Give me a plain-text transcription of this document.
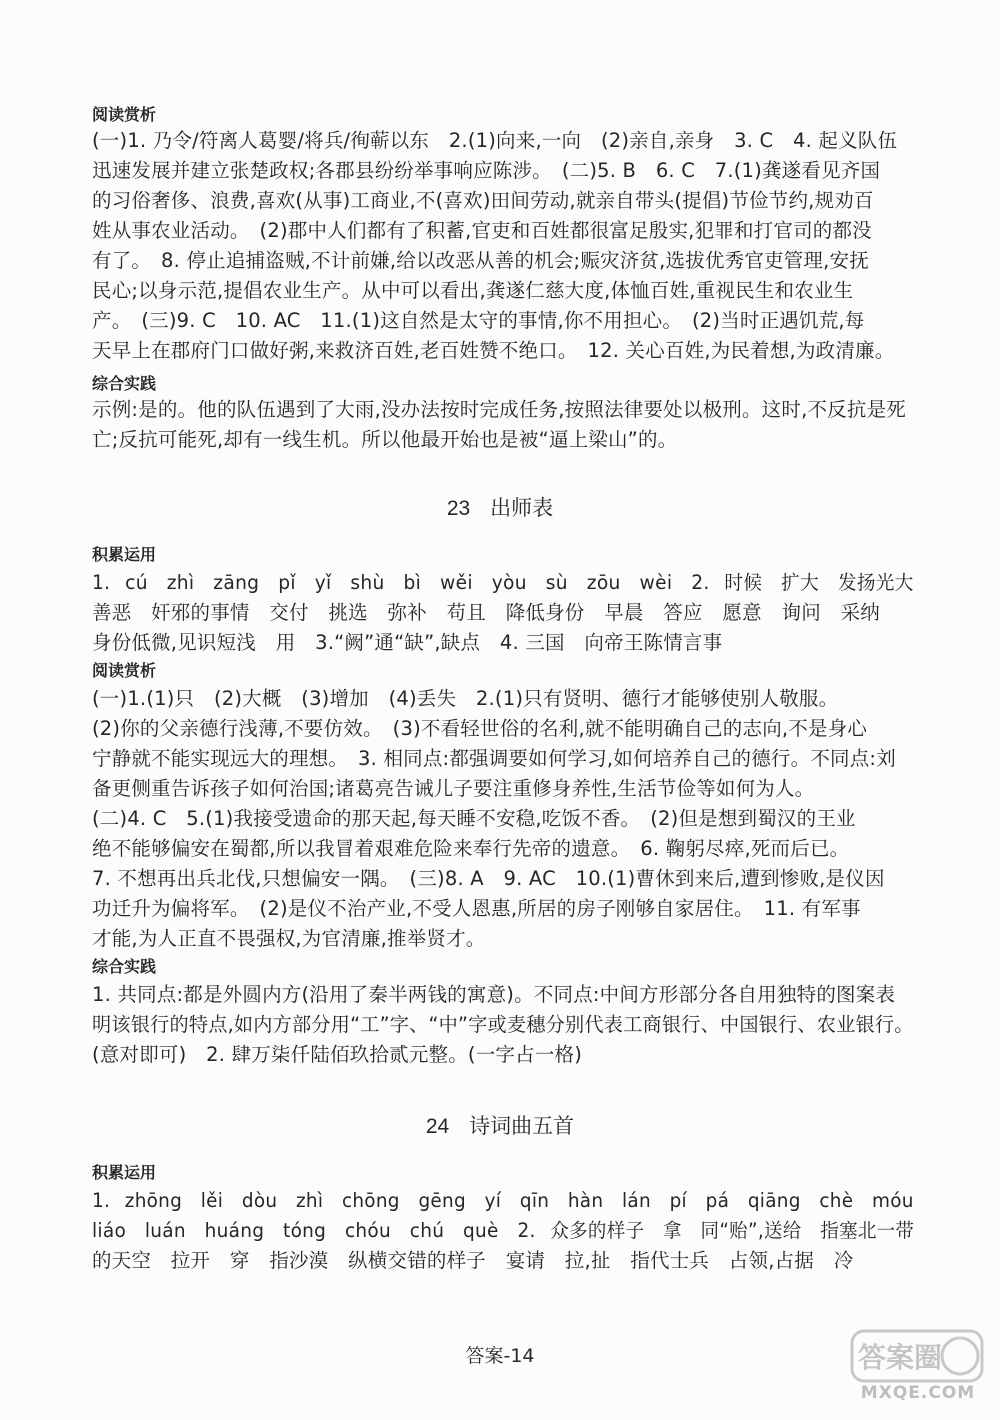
阅读赏析
(一)1. 乃令/符离人葛婴/将兵/徇蕲以东　2.(1)向来,一向　(2)亲自,亲身　3. C　4. 起义队伍
迅速发展并建立张楚政权;各郡县纷纷举事响应陈涉。　(二)5. B　6. C　7.(1)龚遂看见齐国
的习俗奢侈、浪费,喜欢(从事)工商业,不(喜欢)田间劳动,就亲自带头(提倡)节俭节约,规劝百
姓从事农业活动。　(2)郡中人们都有了积蓄,官吏和百姓都很富足殷实,犯罪和打官司的都没
有了。　8. 停止追捕盗贼,不计前嫌,给以改恶从善的机会;赈灾济贫,选拔优秀官吏管理,安抚
民心;以身示范,提倡农业生产。从中可以看出,龚遂仁慈大度,体恤百姓,重视民生和农业生
产。　(三)9. C　10. AC　11.(1)这自然是太守的事情,你不用担心。　(2)当时正遇饥荒,每
天早上在郡府门口做好粥,来救济百姓,老百姓赞不绝口。　12. 关心百姓,为民着想,为政清廉。
综合实践
示例:是的。他的队伍遇到了大雨,没办法按时完成任务,按照法律要处以极刑。这时,不反抗是死
亡;反抗可能死,却有一线生机。所以他最开始也是被“逼上梁山”的。
23 出师表
积累运用
1. cú　zhì　zāng　pǐ　yǐ　shù　bì　wěi　yòu　sù　zōu　wèi　2. 时候　扩大　发扬光大
善恶　奸邪的事情　交付　挑选　弥补　苟且　降低身份　早晨　答应　愿意　询问　采纳
身份低微,见识短浅　用　3.“阙”通“缺”,缺点　4. 三国　向帝王陈情言事
阅读赏析
(一)1.(1)只　(2)大概　(3)增加　(4)丢失　2.(1)只有贤明、德行才能够使别人敬服。
(2)你的父亲德行浅薄,不要仿效。　(3)不看轻世俗的名利,就不能明确自己的志向,不是身心
宁静就不能实现远大的理想。　3. 相同点:都强调要如何学习,如何培养自己的德行。不同点:刘
备更侧重告诉孩子如何治国;诸葛亮告诫儿子要注重修身养性,生活节俭等如何为人。
(二)4. C　5.(1)我接受遗命的那天起,每天睡不安稳,吃饭不香。　(2)但是想到蜀汉的王业
绝不能够偏安在蜀都,所以我冒着艰难危险来奉行先帝的遗意。　6. 鞠躬尽瘁,死而后已。
7. 不想再出兵北伐,只想偏安一隅。　(三)8. A　9. AC　10.(1)曹休到来后,遭到惨败,是仪因
功迁升为偏将军。　(2)是仪不治产业,不受人恩惠,所居的房子刚够自家居住。　11. 有军事
才能,为人正直不畏强权,为官清廉,推举贤才。
综合实践
1. 共同点:都是外圆内方(沿用了秦半两钱的寓意)。不同点:中间方形部分各自用独特的图案表
明该银行的特点,如内方部分用“工”字、“中”字或麦穗分别代表工商银行、中国银行、农业银行。
(意对即可)　2. 肆万柒仟陆佰玖拾贰元整。(一字占一格)
24 诗词曲五首
积累运用
1. zhōng　lěi　dòu　zhì　chōng　gēng　yí　qīn　hàn　lán　pí　pá　qiāng　chè　móu
liáo　luán　huáng　tóng　chóu　chú　què　2. 众多的样子　拿　同“贻”,送给　指塞北一带
的天空　拉开　穿　指沙漠　纵横交错的样子　宴请　拉,扯　指代士兵　占领,占据　冷
答案-14	答案圈
MXQE.COM
